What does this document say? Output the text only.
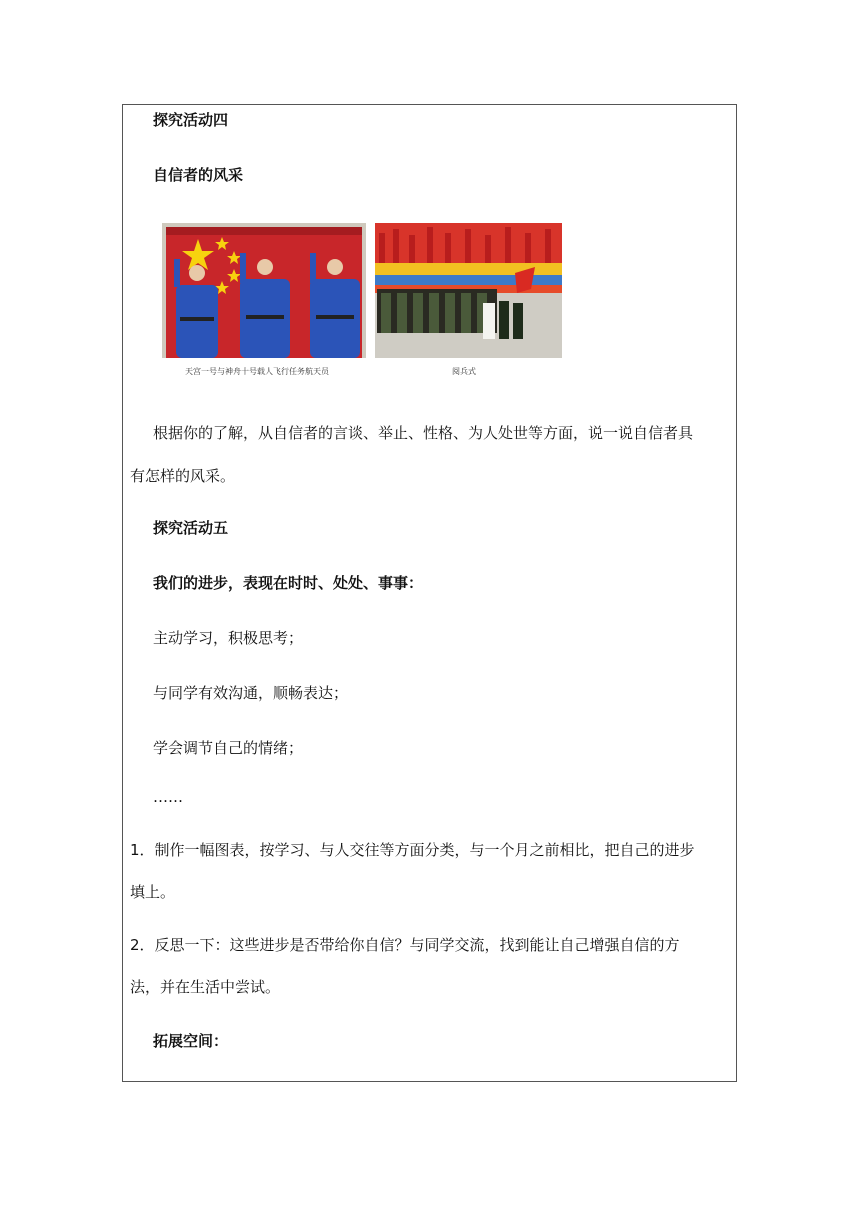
探究活动四
自信者的风采
天宫一号与神舟十号载人飞行任务航天员	阅兵式
根据你的了解，从自信者的言谈、举止、性格、为人处世等方面，说一说自信者具
有怎样的风采。
探究活动五
我们的进步，表现在时时、处处、事事：
主动学习，积极思考；
与同学有效沟通，顺畅表达；
学会调节自己的情绪；
……
1．制作一幅图表，按学习、与人交往等方面分类，与一个月之前相比，把自己的进步
填上。
2．反思一下：这些进步是否带给你自信？与同学交流，找到能让自己增强自信的方
法，并在生活中尝试。
拓展空间：
